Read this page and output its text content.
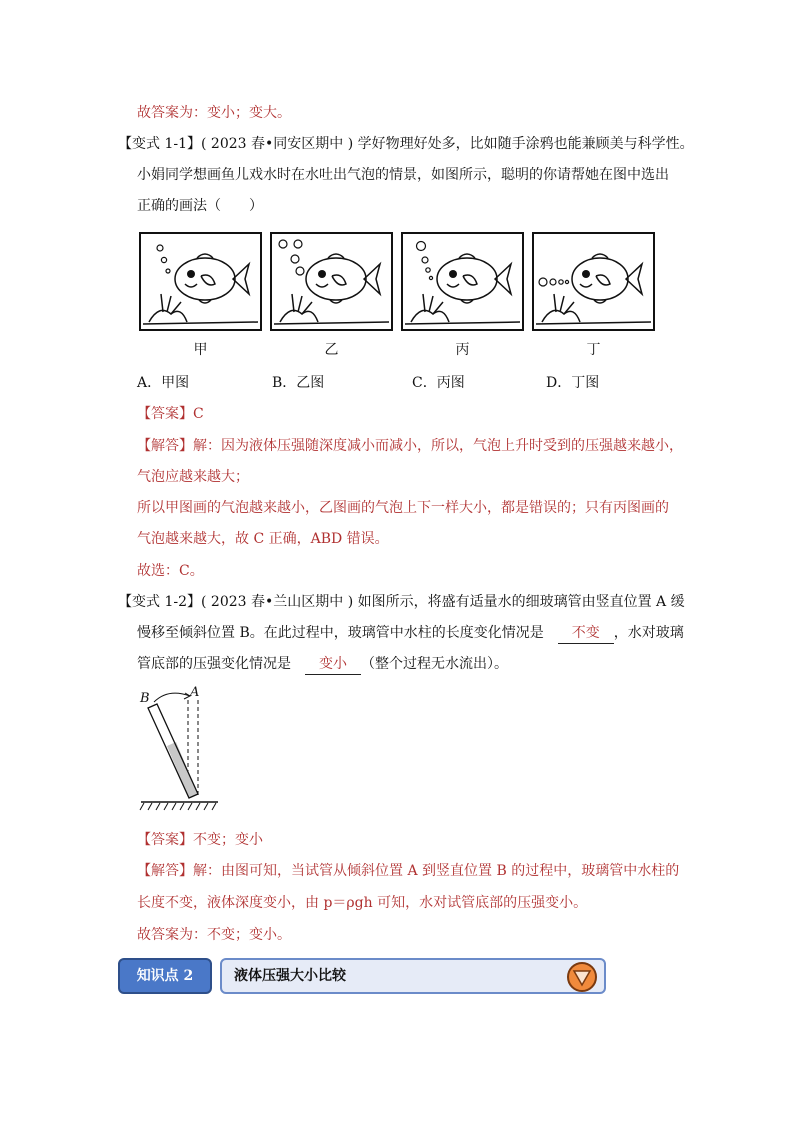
故答案为：变小；变大。
【变式 1-1】( 2023 春•同安区期中 ) 学好物理好处多，比如随手涂鸦也能兼顾美与科学性。
小娟同学想画鱼儿戏水时在水吐出气泡的情景，如图所示，聪明的你请帮她在图中选出
正确的画法（　　）
甲	乙	丙	丁
A．甲图	B．乙图	C．丙图	D．丁图
【答案】C
【解答】解：因为液体压强随深度减小而减小，所以，气泡上升时受到的压强越来越小，
气泡应越来越大；
所以甲图画的气泡越来越小，乙图画的气泡上下一样大小，都是错误的；只有丙图画的
气泡越来越大，故 C 正确，ABD 错误。
故选：C。
【变式 1-2】( 2023 春•兰山区期中 ) 如图所示，将盛有适量水的细玻璃管由竖直位置 A 缓
慢移至倾斜位置 B。在此过程中，玻璃管中水柱的长度变化情况是　 不变 ，水对玻璃
管底部的压强变化情况是　 变小 （整个过程无水流出）。
B	A
【答案】不变；变小
【解答】解：由图可知，当试管从倾斜位置 A 到竖直位置 B 的过程中，玻璃管中水柱的
长度不变，液体深度变小，由 p＝ρgh 可知，水对试管底部的压强变小。
故答案为：不变；变小。
知识点 2	液体压强大小比较
